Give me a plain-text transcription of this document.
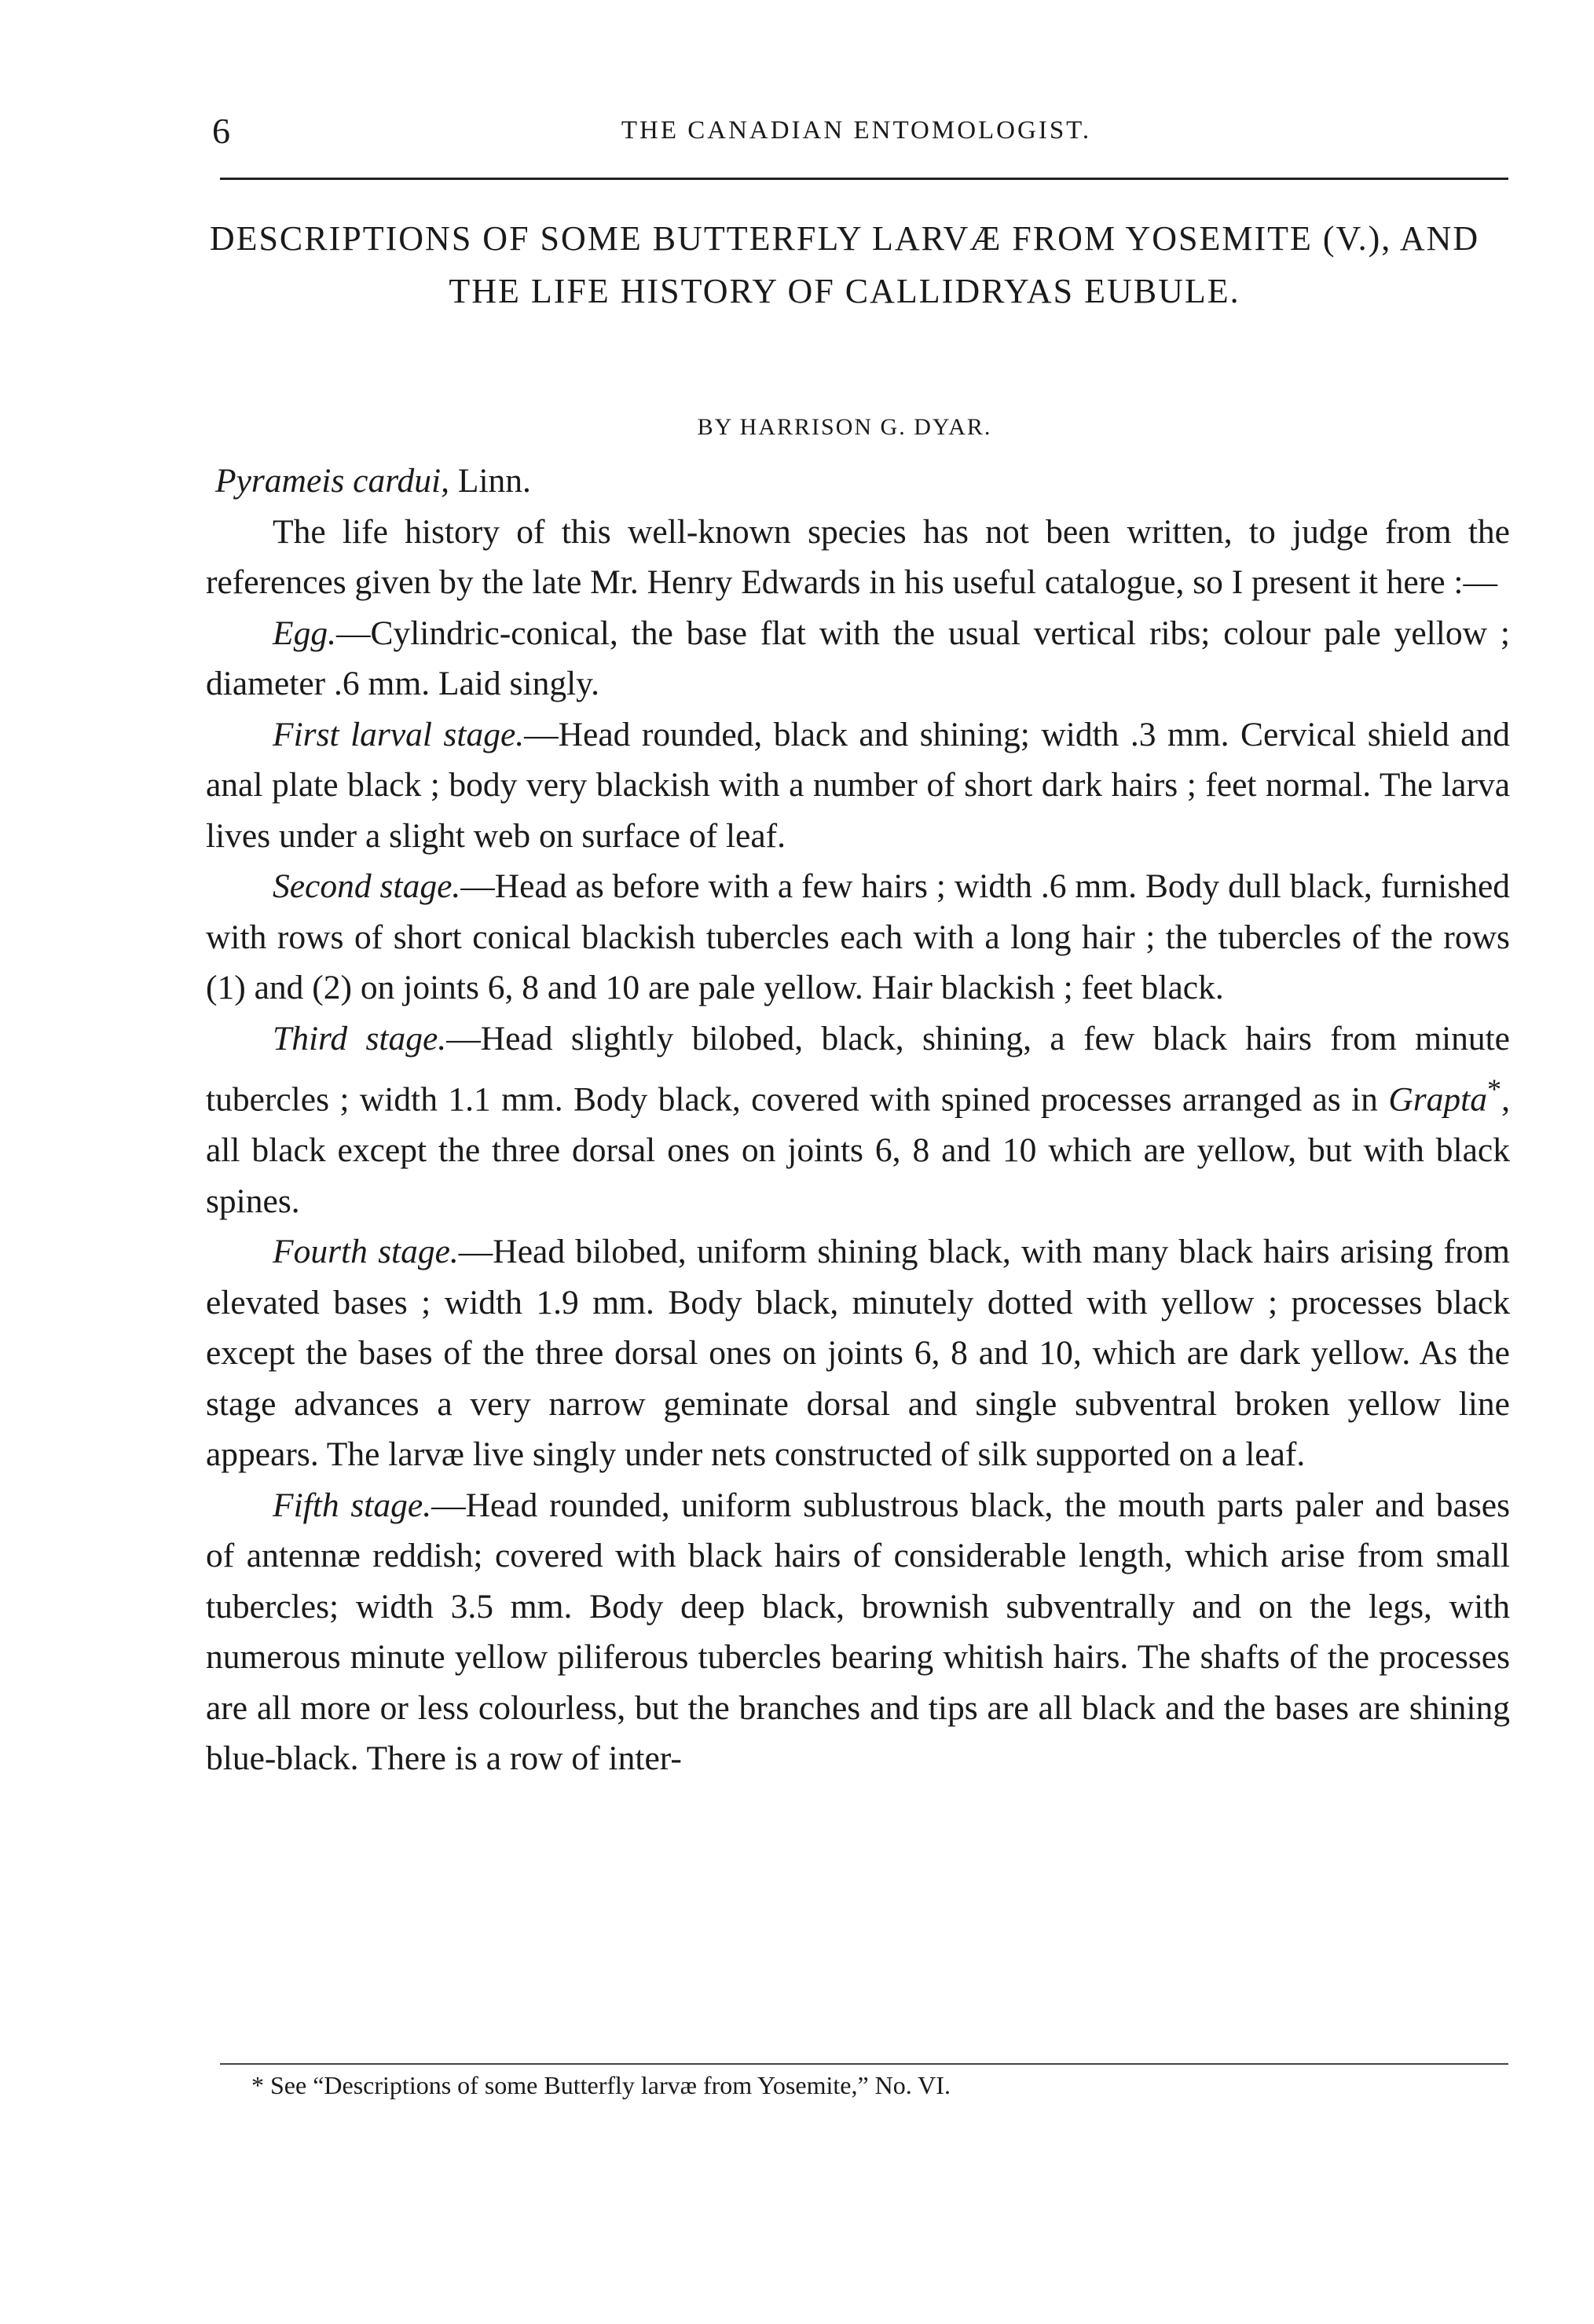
6	THE CANADIAN ENTOMOLOGIST.
DESCRIPTIONS OF SOME BUTTERFLY LARVÆ FROM YOSEMITE (V.), AND THE LIFE HISTORY OF CALLIDRYAS EUBULE.
BY HARRISON G. DYAR.

Pyrameis cardui, Linn.

The life history of this well-known species has not been written, to judge from the references given by the late Mr. Henry Edwards in his useful catalogue, so I present it here :—

Egg.—Cylindric-conical, the base flat with the usual vertical ribs; colour pale yellow ; diameter .6 mm. Laid singly.

First larval stage.—Head rounded, black and shining; width .3 mm. Cervical shield and anal plate black ; body very blackish with a number of short dark hairs ; feet normal. The larva lives under a slight web on surface of leaf.

Second stage.—Head as before with a few hairs ; width .6 mm. Body dull black, furnished with rows of short conical blackish tubercles each with a long hair ; the tubercles of the rows (1) and (2) on joints 6, 8 and 10 are pale yellow. Hair blackish ; feet black.

Third stage.—Head slightly bilobed, black, shining, a few black hairs from minute tubercles ; width 1.1 mm. Body black, covered with spined processes arranged as in Grapta*, all black except the three dorsal ones on joints 6, 8 and 10 which are yellow, but with black spines.

Fourth stage.—Head bilobed, uniform shining black, with many black hairs arising from elevated bases ; width 1.9 mm. Body black, minutely dotted with yellow ; processes black except the bases of the three dorsal ones on joints 6, 8 and 10, which are dark yellow. As the stage advances a very narrow geminate dorsal and single subventral broken yellow line appears. The larvæ live singly under nets constructed of silk supported on a leaf.

Fifth stage.—Head rounded, uniform sublustrous black, the mouth parts paler and bases of antennæ reddish; covered with black hairs of considerable length, which arise from small tubercles; width 3.5 mm. Body deep black, brownish subventrally and on the legs, with numerous minute yellow piliferous tubercles bearing whitish hairs. The shafts of the processes are all more or less colourless, but the branches and tips are all black and the bases are shining blue-black. There is a row of inter-

* See “Descriptions of some Butterfly larvæ from Yosemite,” No. VI.
